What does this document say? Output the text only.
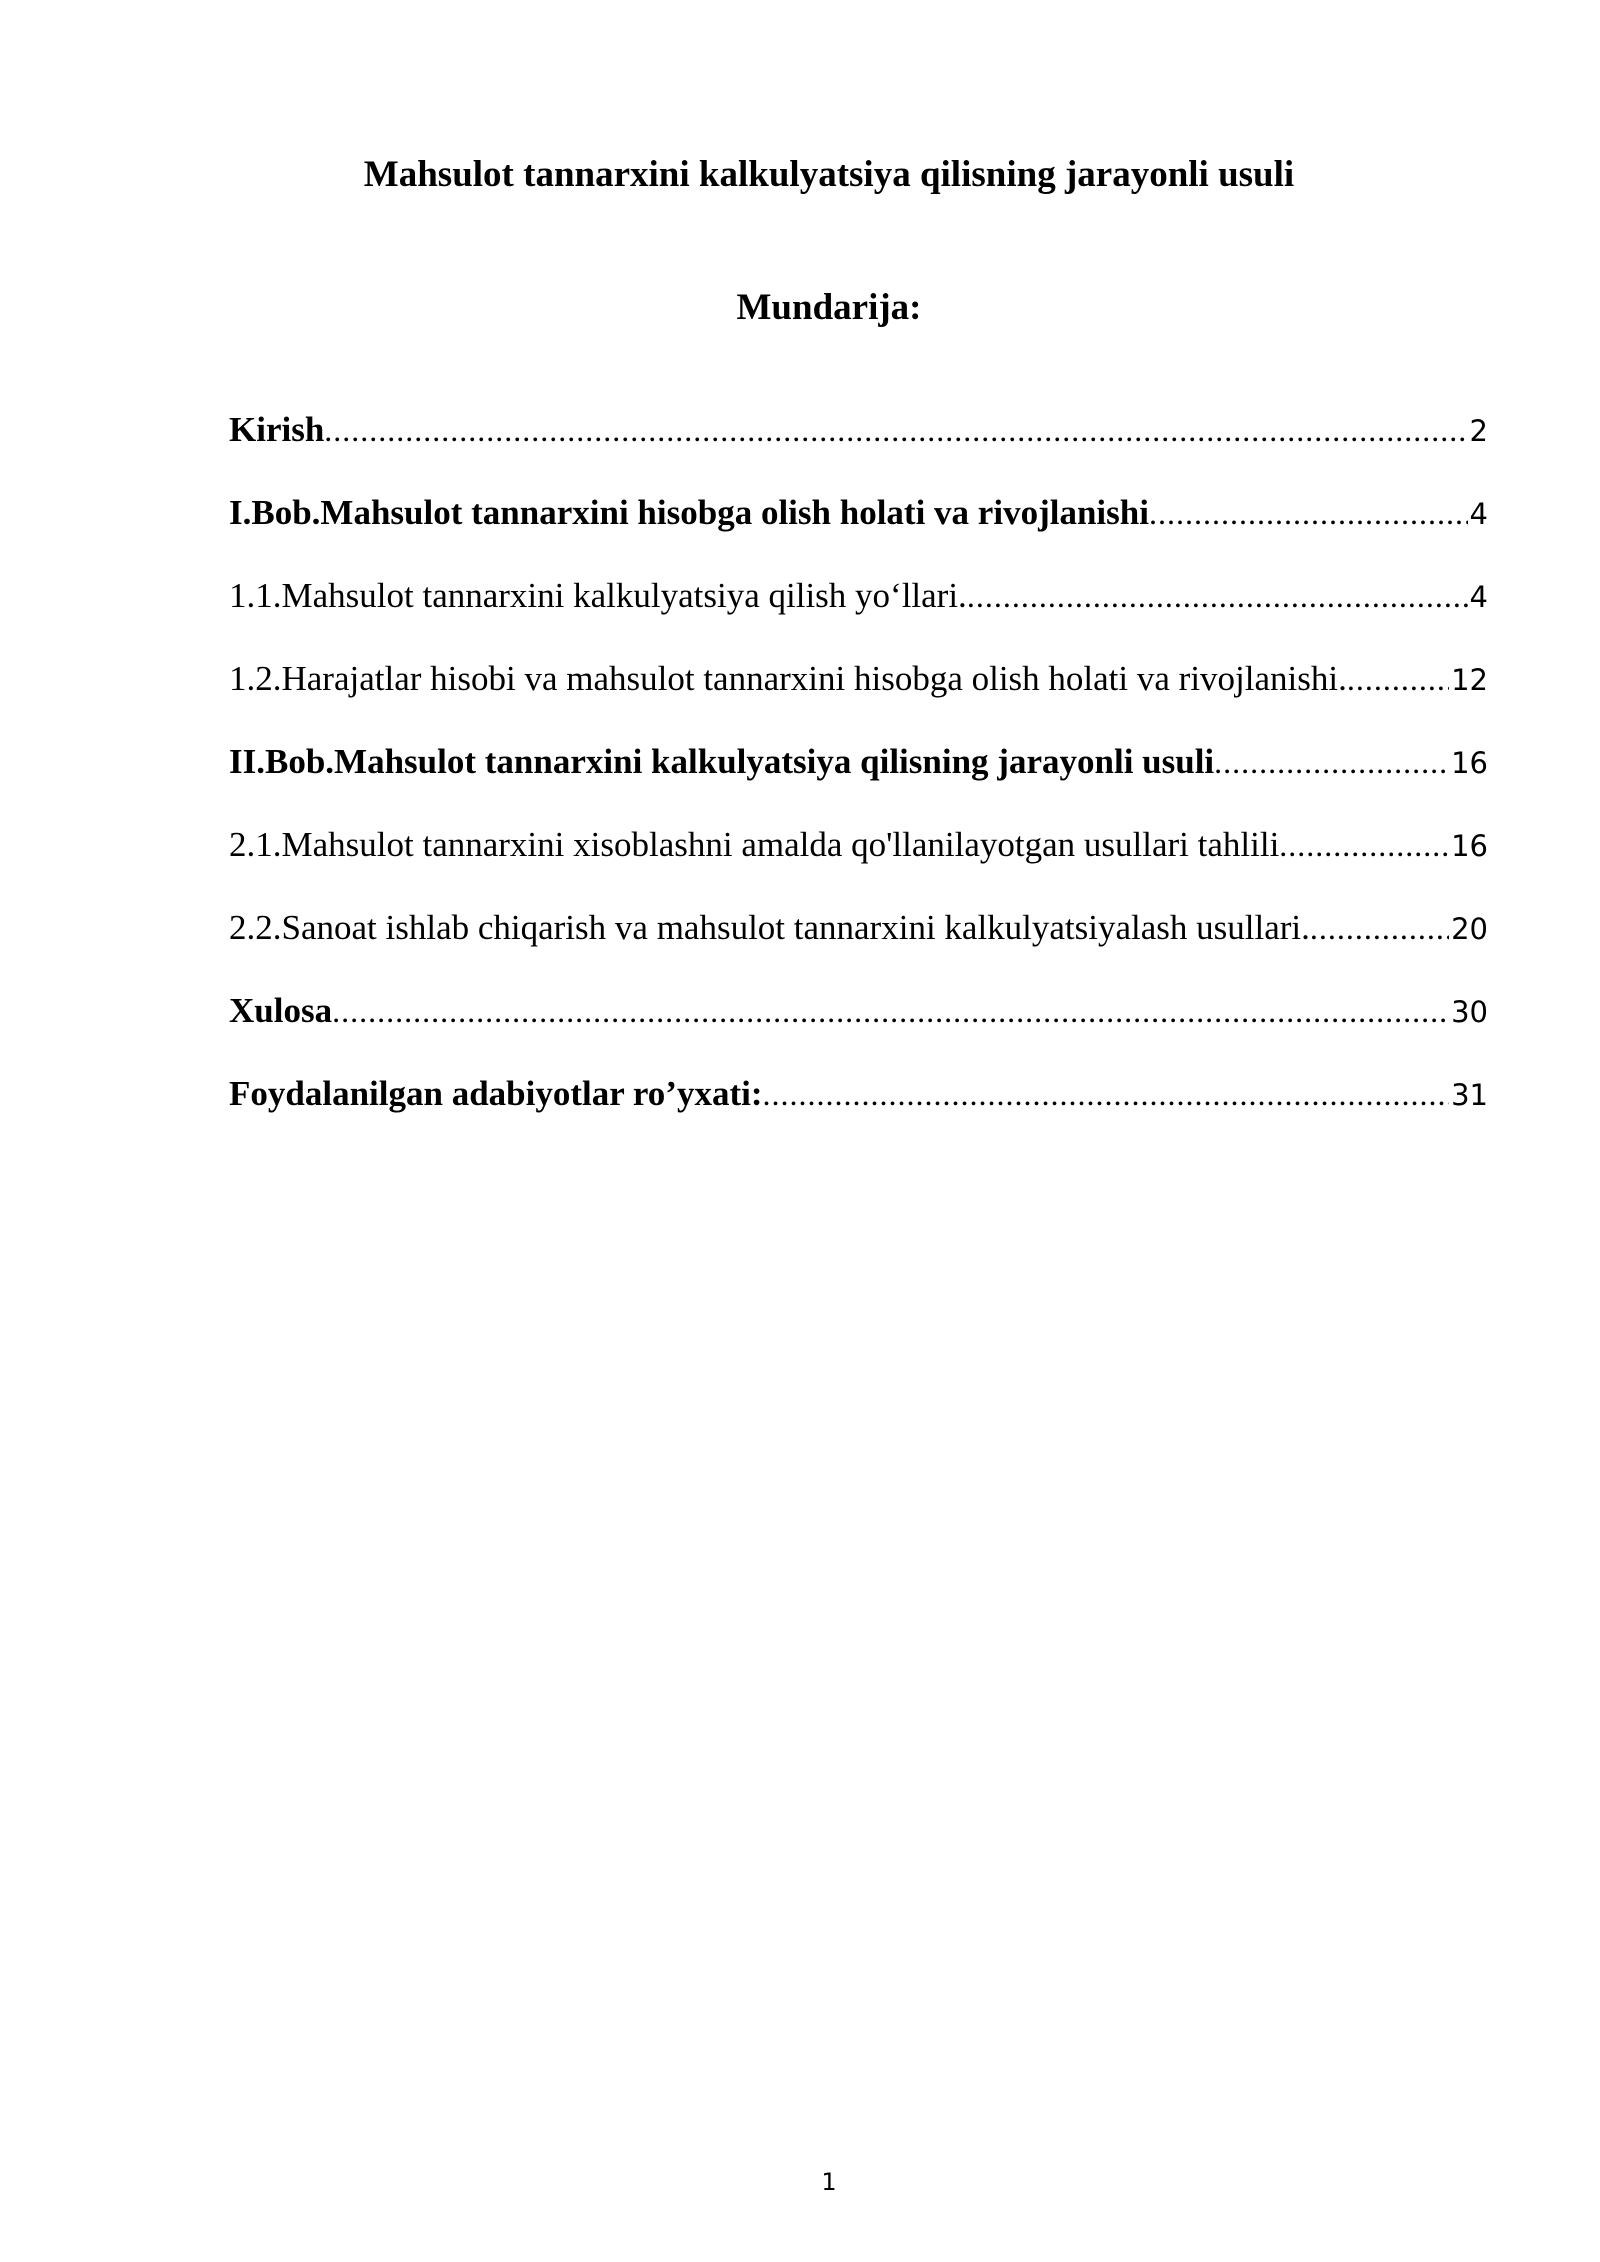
Mahsulot tannarxini kalkulyatsiya qilisning jarayonli usuli
Mundarija:
Kirish .....	2
I.Bob.Mahsulot tannarxini hisobga olish holati va rivojlanishi .....	4
1.1.Mahsulot tannarxini kalkulyatsiya qilish yo‘llari. .....	4
1.2.Harajatlar hisobi va mahsulot tannarxini hisobga olish holati va rivojlanishi. .....	12
II.Bob.Mahsulot tannarxini kalkulyatsiya qilisning jarayonli usuli .....	16
2.1.Mahsulot tannarxini xisoblashni amalda qo'llanilayotgan usullari tahlili .....	16
2.2.Sanoat ishlab chiqarish va mahsulot tannarxini kalkulyatsiyalash usullari. .....	20
Xulosa .....	30
Foydalanilgan adabiyotlar ro’yxati: .....	31
1
